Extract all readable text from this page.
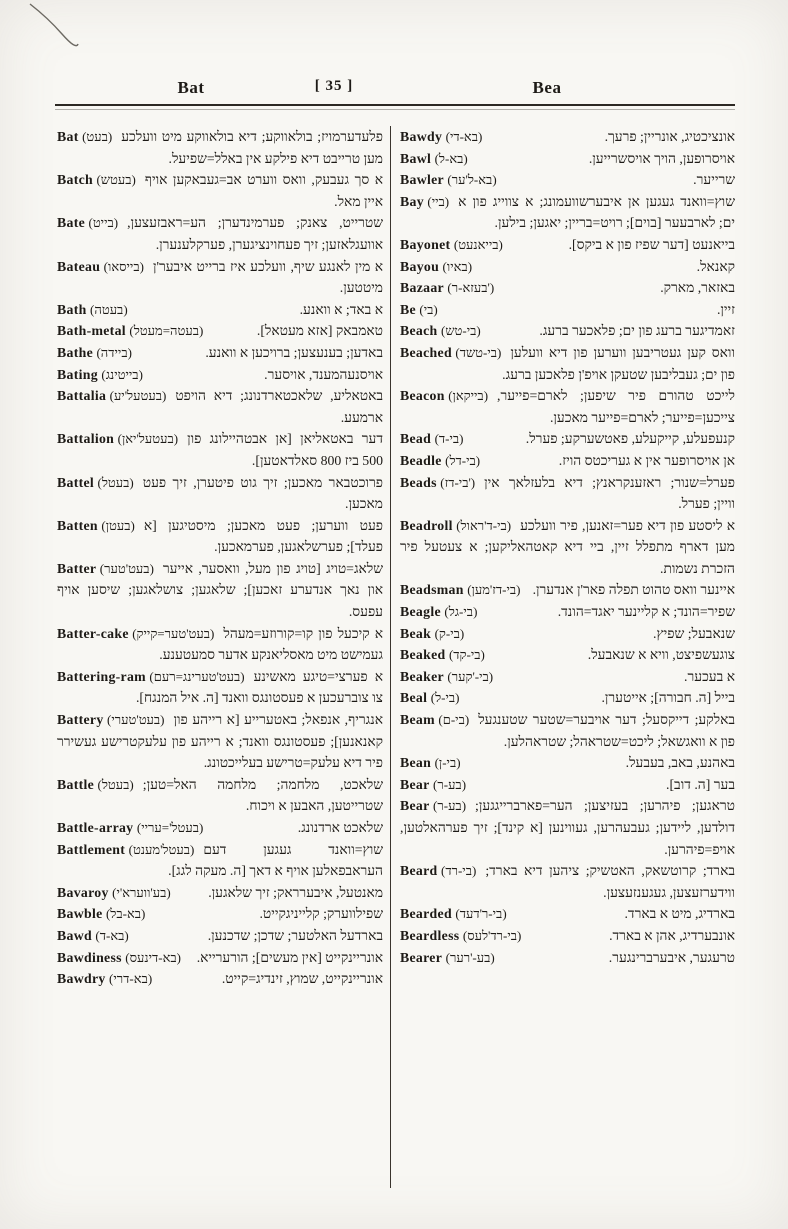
Bat	[ 35 ]	Bea

Bat (בעט) פלעדערמויז; בולאווקע; דיא בולאווקע מיט וועלכע מען טרייבט דיא פילקע אין באלל=שפיעל.

Batch (בעטש) א סך געבעק, וואס ווערט אב=געבאקען אויף איין מאל.

Bate (בייט) שטרייט, צאנק; פערמינדערן; הע=ראבזעצען, אוועגלאזען; זיך פעחוינציגערן, פערקלענערן.

Bateau (בייסאו) א מין לאנגע שיף, וועלכע איז ברייט איבער'ן מיטטען.

Bath (בעטה)	א באד; א וואנע.

Bath-metal (בעטה=מעטל)	טאמבאק [אזא מעטאל].

Bathe (ביידה)	באדען; בענעצען; ברויכען א וואנע.

Bating (בייטינג)	אויסנעהמענד, אויסער.

Battalia (בעטעל'יע) באטאליע, שלאכטארדנונג; דיא הויפט ארמעע.

Battalion (בעטעל'יאן) דער באטאליאן [אן אבטהיילונג פון 500 ביז 800 סאלדאטען].

Battel (בעטל) פרוכטבאר מאכען; זיך גוט פיטערן, זיך פעט מאכען.

Batten (בעטן) פעט ווערען; פעט מאכען; מיסטיגען [א פעלד]; פערשלאגען, פערמאכען.

Batter (בעט'טער) שלאג=טויג [טויג פון מעל, וואסער, אייער און נאך אנדערע זאכען]; שלאגען; צושלאגען; שיסען אויף עפעס.

Batter-cake (בעט'טער=קייק) א קיכעל פון קו=קורוזע=מעהל געמישט מיט מאסליאנקע אדער סמעטענע.

Battering-ram (בעט'טערינג=רעם) א פערצי=טיגע מאשינע צו צוברעכען א פעסטונגס וואנד [ה. איל המנגח].

Battery (בעט'טערי) אנגריף, אנפאל; באטערייע [א רייהע פון קאנאנען]; פעסטונגס וואנד; א רייהע פון עלעקטרישע געשירר פיר דיא עלעק=טרישע בעלייכטונג.

Battle (בעטל) שלאכט, מלחמה; מלחמה האל=טען; שטרייטען, האבען א ויכוח.

Battle-array (בעטל'=עריי)	שלאכט ארדנונג.

Battlement (בעטל'מענט) שוץ=וואנד געגען דעם העראבפאלען אויף א דאך [ה. מעקה לגג].

Bavaroy (בע'ווערא'י)	מאנטעל, איבערראק; זיך שלאגען.

Bawble (בא-בל)	שפילווערק; קלייניגקייט.

Bawd (בא-ד)	בארדעל האלטער; שדכן; שדכנען.

Bawdiness (בא-דינעס) אונריינקייט [אין מעשים]; הורערייא.

Bawdry (בא-דרי)	אונריינקייט, שמוץ, זינדיג=קייט.

Bawdy (בא-די)	אונציכטיג, אונריין; פרעך.

Bawl (בא-ל)	אויסרופען, הויך אויסשרייען.

Bawler (בא-ל'ער)	שרייער.

Bay (ביי) שוץ=וואנד געגען אן איבערשוועמונג; א צווייג פון א ים; לארבעער [בוים]; רויט=בריין; יאגען; בילען.

Bayonet (בייאנעט)	בייאנעט [דער שפיז פון א ביקס].

Bayou (באיו)	קאנאל.

Bazaar (בעזא-ר')	באזאר, מארק.

Be (בי)	זיין.

Beach (בי-טש)	זאמדיגער ברעג פון ים; פלאכער ברעג.

Beached (בי-טשד) וואס קען געטריבען ווערען פון דיא וועלען פון ים; געבליבען שטעקן אויפ'ן פלאכען ברעג.

Beacon (בייקאן) לייכט טהורם פיר שיפען; לארם=פייער, צייכען=פייער; לארם=פייער מאכען.

Bead (בי-ד)	קנעפעלע, קייקעלע, פאטשערקע; פערל.

Beadle (בי-דל)	אן אויסרופער אין א געריכטס הויז.

Beads (בי-דז') פערל=שנור; ראזענקראנץ; דיא בלעזלאך אין וויין; פערל.

Beadroll (בי-ד'ראול) א ליסטע פון דיא פער=זאנען, פיר וועלכע מען דארף מתפלל זיין, ביי דיא קאטהאליקען; א צעטעל פיר הזכרת נשמות.

Beadsman (בי-דז'מען) איינער וואס טהוט תפלה פאר'ן אנדערן.

Beagle (בי-גל)	שפיר=הונד; א קליינער יאגד=הונד.

Beak (בי-ק)	שנאבעל; שפיץ.

Beaked (בי-קד)	צוגעשפיצט, וויא א שנאבעל.

Beaker (בי-'קער)	א בעכער.

Beal (בי-ל)	בייל [ה. חבורה]; אייטערן.

Beam (בי-ם) באלקע; דייקסעל; דער אויבער=שטער שטענגעל פון א וואגשאל; ליכט=שטראהל; שטראהלען.

Bean (בי-ן)	באהנע, באב, בעבעל.

Bear (בע-ר)	בער [ה. דוב].

Bear (בע-ר) טראגען; פיהרען; בעזיצען; הער=פארברייגגען; דולדען, ליידען; געבעהרען, געווינען [א קינד]; זיך פערהאלטען, אויפ=פיהרען.

Beard (בי-רד) בארד; קרוטשאק, האטשיק; ציהען דיא בארד; ווידערזעצען, געגענזעצען.

Bearded (בי-ר'דעד)	בארדיג, מיט א בארד.

Beardless (בי-רד'לעס)	אונבערדיג, אהן א בארד.

Bearer (בע-'רער)	טרעגער, איבערברינגער.
